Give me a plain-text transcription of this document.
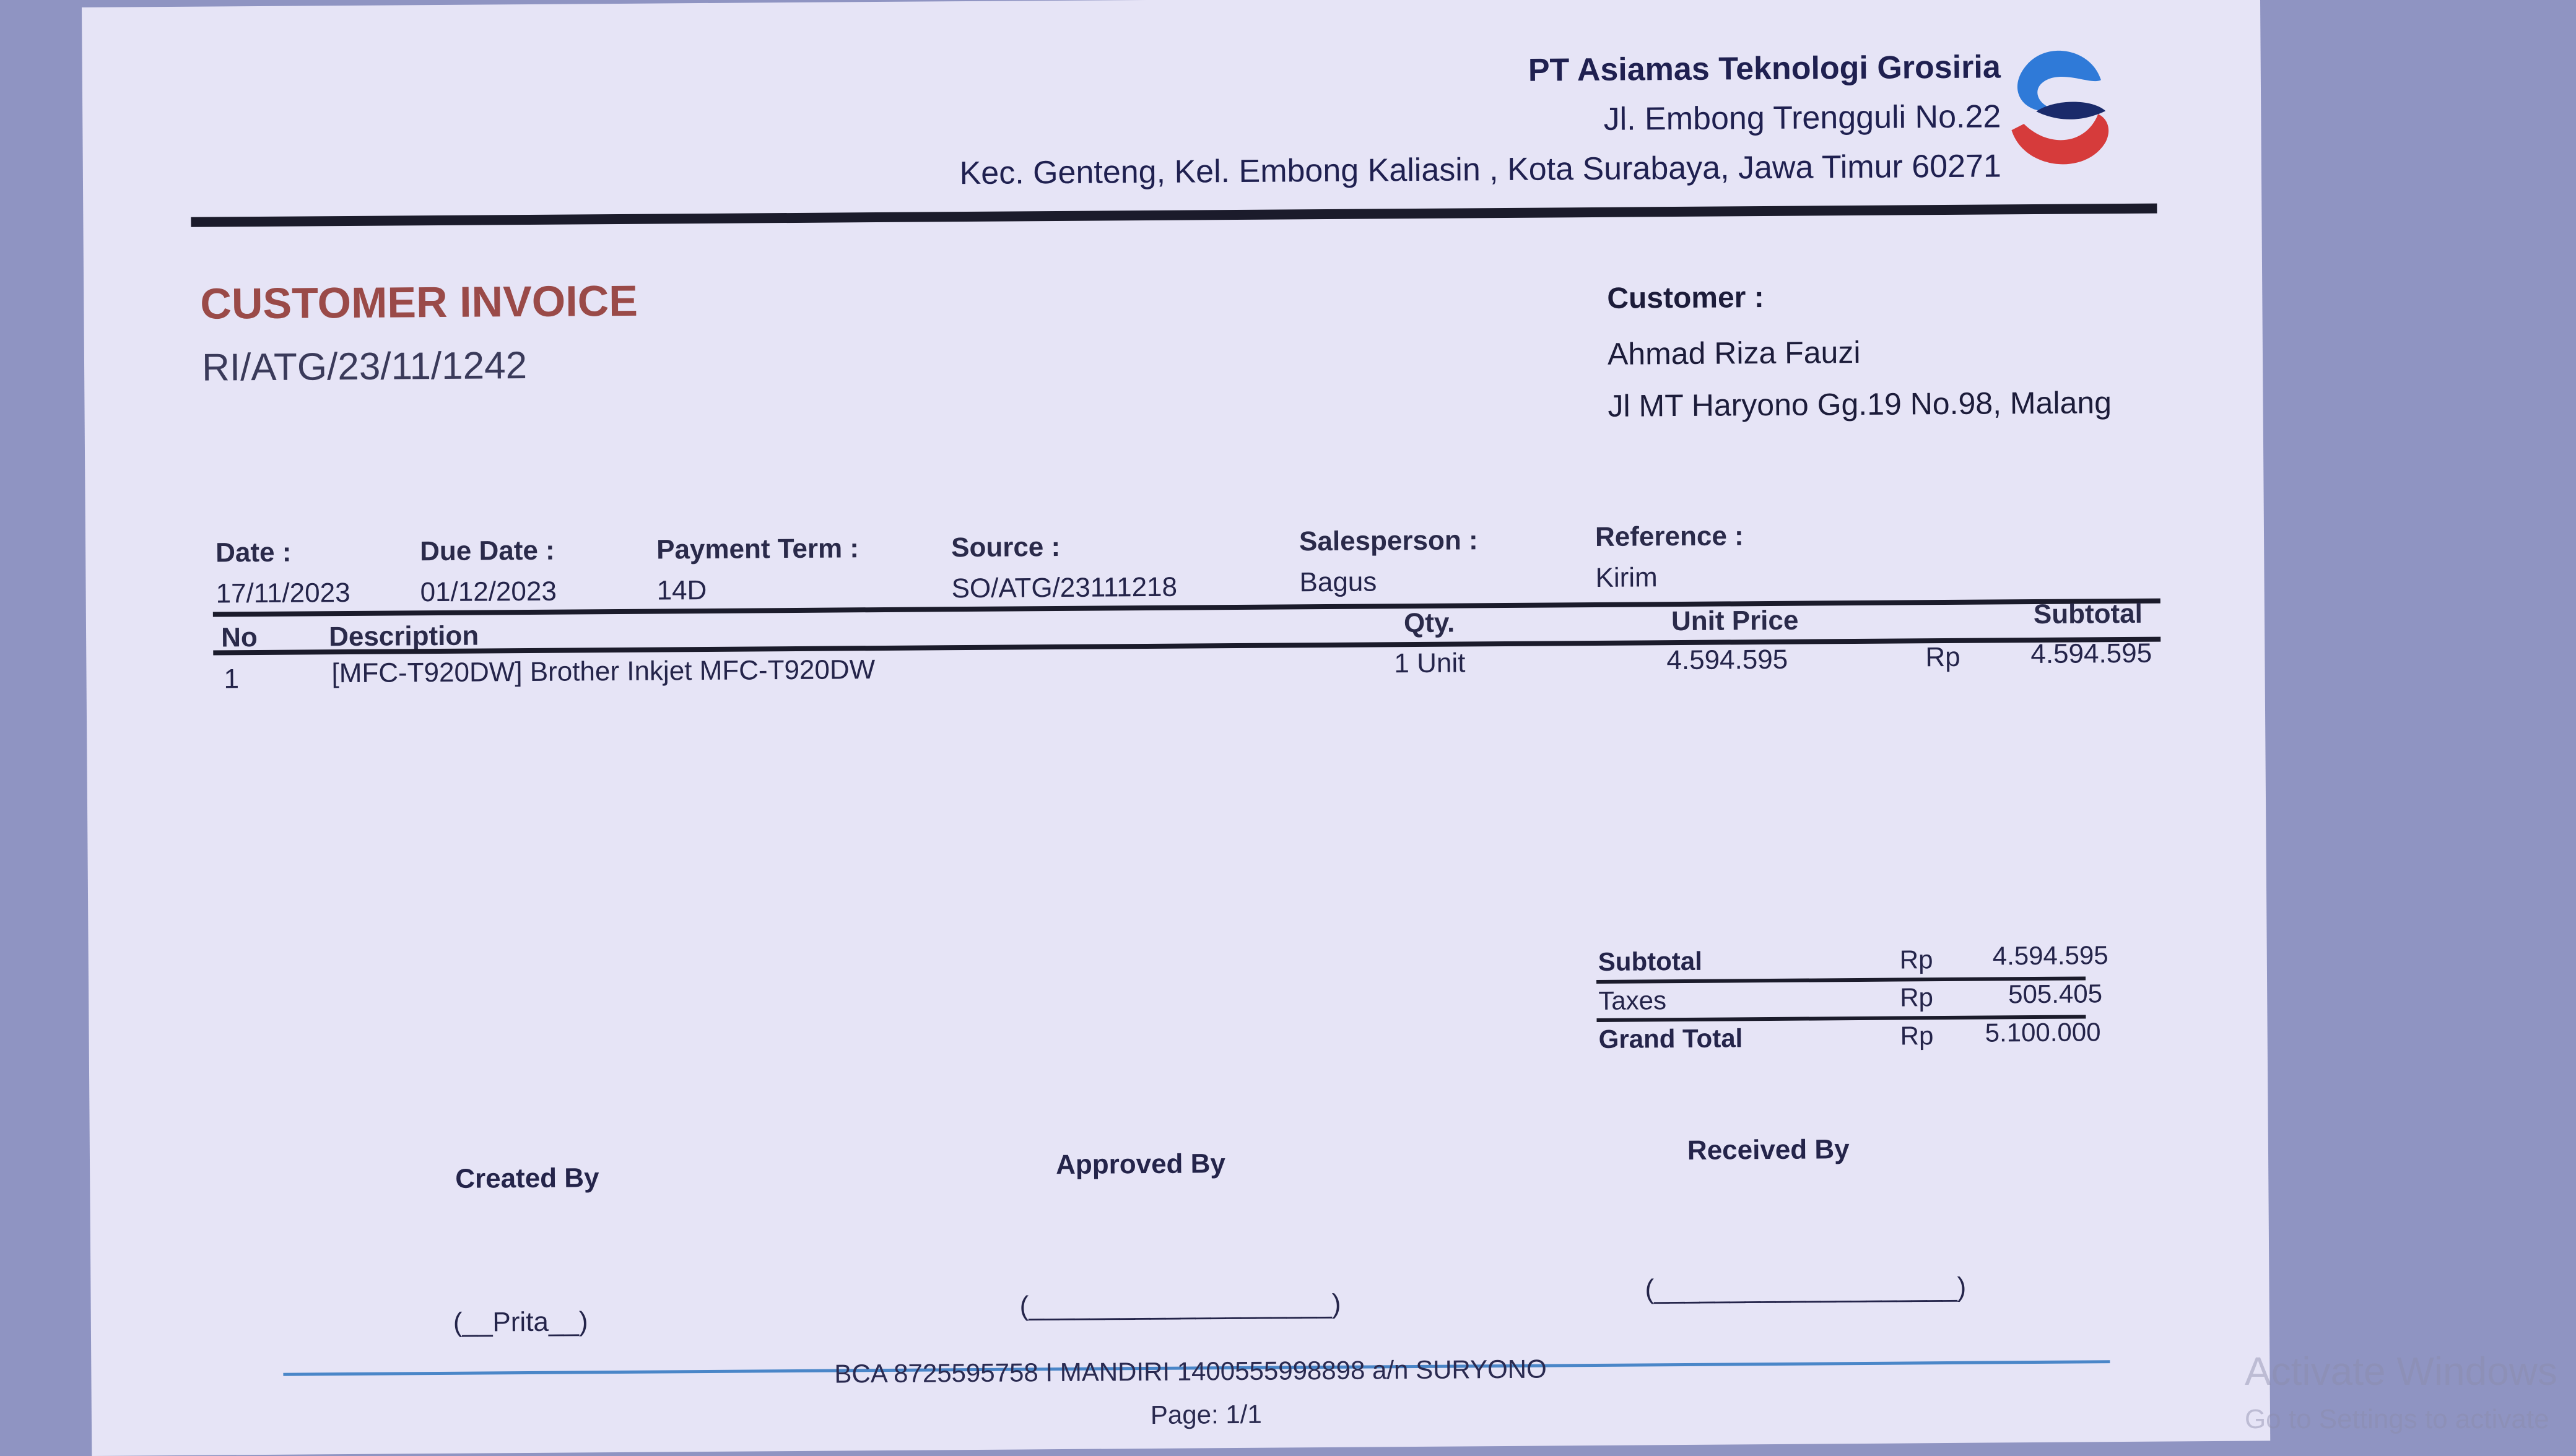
PT Asiamas Teknologi Grosiria
Jl. Embong Trengguli No.22
Kec. Genteng, Kel. Embong Kaliasin , Kota Surabaya, Jawa Timur 60271
CUSTOMER INVOICE
RI/ATG/23/11/1242
Customer :
Ahmad Riza Fauzi
Jl MT Haryono Gg.19 No.98, Malang
Date :
17/11/2023
Due Date :
01/12/2023
Payment Term :
14D
Source :
SO/ATG/23111218
Salesperson :
Bagus
Reference :
Kirim
No	Description	Qty.	Unit Price	Subtotal
1	[MFC-T920DW] Brother Inkjet MFC-T920DW	1 Unit	4.594.595	Rp	4.594.595
Subtotal	Rp 4.594.595
Taxes	Rp	505.405
Grand Total	Rp 5.100.000
Created By
(__Prita__)
Approved By
(____________________)
Received By
(____________________)
BCA 8725595758 I MANDIRI 1400555998898 a/n SURYONO
Page: 1/1
Activate Windows
Go to Settings to activate
